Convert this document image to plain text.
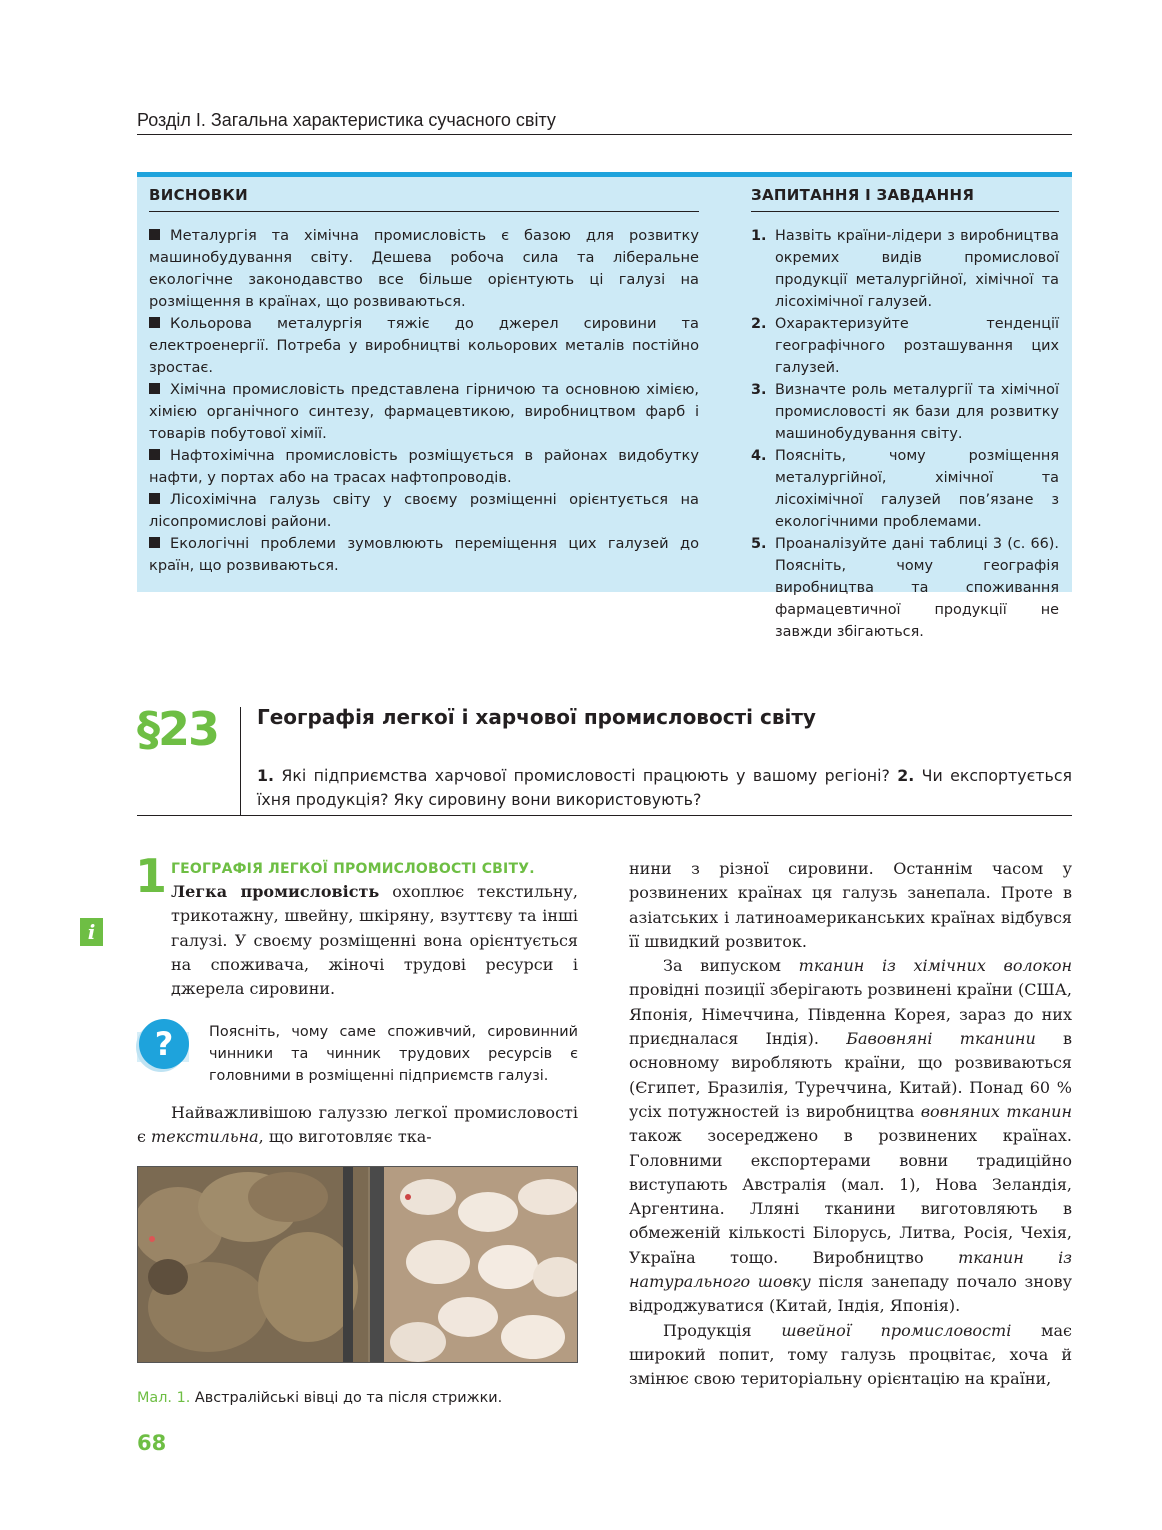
Розділ I. Загальна характеристика сучасного світу
ВИСНОВКИ

Металургія та хімічна промисловість є базою для розвитку машинобудування світу. Дешева робоча сила та ліберальне екологічне законодавство все більше орієнтують ці галузі на розміщення в країнах, що розвиваються.

Кольорова металургія тяжіє до джерел сировини та електроенергії. Потреба у виробництві кольорових металів постійно зростає.

Хімічна промисловість представлена гірничою та основною хімією, хімією органічного синтезу, фармацевтикою, виробництвом фарб і товарів побутової хімії.

Нафтохімічна промисловість розміщується в районах видобутку нафти, у портах або на трасах нафтопроводів.

Лісохімічна галузь світу у своєму розміщенні орієнтується на лісопромислові райони.

Екологічні проблеми зумовлюють переміщення цих галузей до країн, що розвиваються.

ЗАПИТАННЯ І ЗАВДАННЯ
1. Назвіть країни-лідери з виробництва окремих видів промислової продукції металургійної, хімічної та лісохімічної галузей.
2. Охарактеризуйте тенденції географічного розташування цих галузей.
3. Визначте роль металургії та хімічної промисловості як бази для розвитку машинобудування світу.
4. Поясніть, чому розміщення металургійної, хімічної та лісохімічної галузей пов’язане з екологічними проблемами.
5. Проаналізуйте дані таблиці 3 (с. 66). Поясніть, чому географія виробництва та споживання фармацевтичної продукції не завжди збігаються.
§23 Географія легкої і харчової промисловості світу
1. Які підприємства харчової промисловості працюють у вашому регіоні? 2. Чи експортується їхня продукція? Яку сировину вони використовують?
i
1 ГЕОГРАФІЯ ЛЕГКОЇ ПРОМИСЛОВОСТІ СВІТУ.
Легка промисловість охоплює текстильну, трикотажну, швейну, шкіряну, взуттєву та інші галузі. У своєму розміщенні вона орієнтується на споживача, жіночі трудові ресурси і джерела сировини.
?	Поясніть, чому саме споживчий, сировинний чинники та чинник трудових ресурсів є головними в розміщенні підприємств галузі.
Найважливішою галуззю легкої промисловості є текстильна, що виготовляє тка-
Мал. 1. Австралійські вівці до та після стрижки.

нини з різної сировини. Останнім часом у розвинених країнах ця галузь занепала. Проте в азіатських і латиноамериканських країнах відбувся її швидкий розвиток.

За випуском тканин із хімічних волокон провідні позиції зберігають розвинені країни (США, Японія, Німеччина, Південна Корея, зараз до них приєдналася Індія). Бавовняні тканини в основному виробляють країни, що розвиваються (Єгипет, Бразилія, Туреччина, Китай). Понад 60 % усіх потужностей із виробництва вовняних тканин також зосереджено в розвинених країнах. Головними експортерами вовни традиційно виступають Австралія (мал. 1), Нова Зеландія, Аргентина. Лляні тканини виготовляють в обмеженій кількості Білорусь, Литва, Росія, Чехія, Україна тощо. Виробництво тканин із натурального шовку після занепаду почало знову відроджуватися (Китай, Індія, Японія).

Продукція швейної промисловості має широкий попит, тому галузь процвітає, хоча й змінює свою територіальну орієнтацію на країни,

68
